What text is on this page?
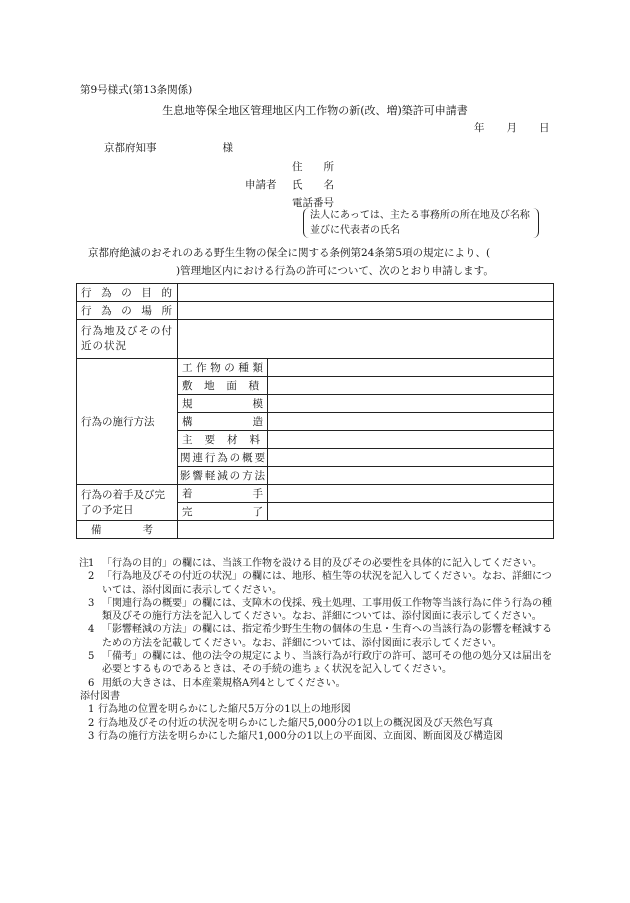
第9号様式(第13条関係)
生息地等保全地区管理地区内工作物の新(改、増)築許可申請書
年 月 日
京都府知事	様
住　　所
申請者 氏　　名
電話番号
法人にあっては、主たる事務所の所在地及び名称並びに代表者の氏名
京都府絶滅のおそれのある野生生物の保全に関する条例第24条第5項の規定により、(
)管理地区内における行為の許可について、次のとおり申請します。
行為の目的		
行為の場所		
行為地及びその付近の状況		
行為の施行方法	工作物の種類	
	敷地面積	
	規模	
	構造	
	主要材料	
	関連行為の概要	
	影響軽減の方法	
行為の着手及び完了の予定日	着手	
	完了	
備考		
注 1 「行為の目的」の欄には、当該工作物を設ける目的及びその必要性を具体的に記入してください。
2 「行為地及びその付近の状況」の欄には、地形、植生等の状況を記入してください。なお、詳細については、添付図面に表示してください。
3 「関連行為の概要」の欄には、支障木の伐採、残土処理、工事用仮工作物等当該行為に伴う行為の種類及びその施行方法を記入してください。なお、詳細については、添付図面に表示してください。
4 「影響軽減の方法」の欄には、指定希少野生生物の個体の生息・生育への当該行為の影響を軽減するための方法を記載してください。なお、詳細については、添付図面に表示してください。
5 「備考」の欄には、他の法令の規定により、当該行為が行政庁の許可、認可その他の処分又は届出を必要とするものであるときは、その手続の進ちょく状況を記入してください。
6 用紙の大きさは、日本産業規格A列4としてください。
添付図書
1 行為地の位置を明らかにした縮尺5万分の1以上の地形図
2 行為地及びその付近の状況を明らかにした縮尺5,000分の1以上の概況図及び天然色写真
3 行為の施行方法を明らかにした縮尺1,000分の1以上の平面図、立面図、断面図及び構造図
